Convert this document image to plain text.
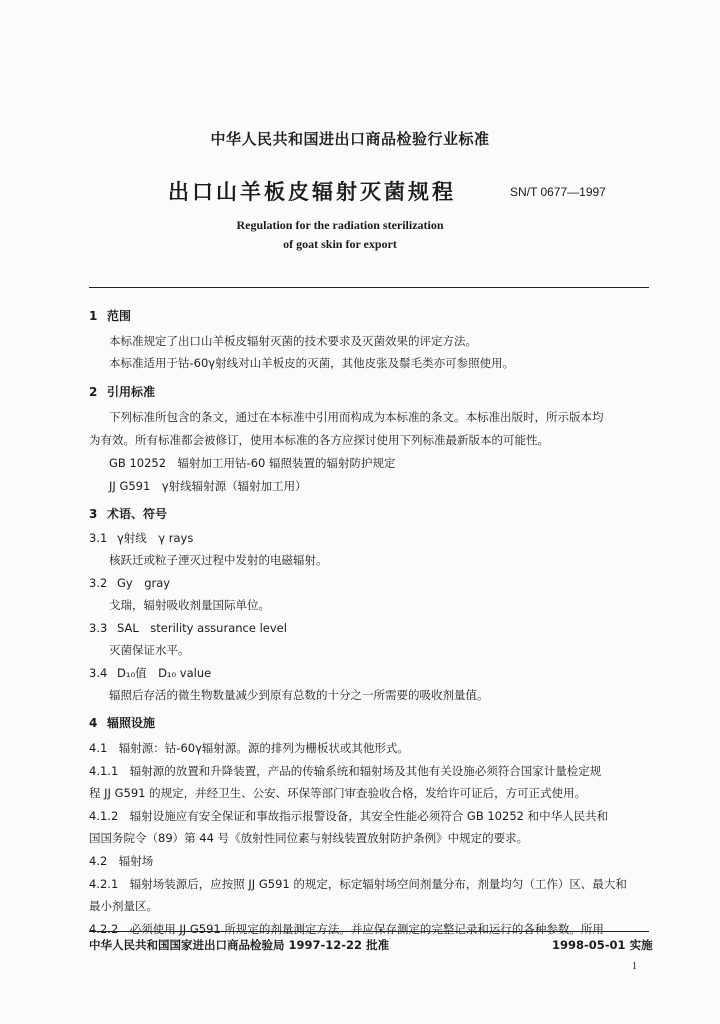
中华人民共和国进出口商品检验行业标准
出口山羊板皮辐射灭菌规程	SN/T 0677—1997
Regulation for the radiation sterilization
of goat skin for export
1 范围
本标准规定了出口山羊板皮辐射灭菌的技术要求及灭菌效果的评定方法。
本标准适用于钴-60γ射线对山羊板皮的灭菌，其他皮张及鬃毛类亦可参照使用。
2 引用标准
下列标准所包含的条文，通过在本标准中引用而构成为本标准的条文。本标准出版时，所示版本均
为有效。所有标准都会被修订，使用本标准的各方应探讨使用下列标准最新版本的可能性。
GB 10252　辐射加工用钴-60 辐照装置的辐射防护规定
JJ G591　γ射线辐射源（辐射加工用）
3 术语、符号
3.1 γ射线　γ rays
核跃迁或粒子湮灭过程中发射的电磁辐射。
3.2 Gy　gray
戈瑞，辐射吸收剂量国际单位。
3.3 SAL　sterility assurance level
灭菌保证水平。
3.4 D₁₀值　D₁₀ value
辐照后存活的微生物数量减少到原有总数的十分之一所需要的吸收剂量值。
4 辐照设施
4.1　辐射源：钴-60γ辐射源。源的排列为栅板状或其他形式。
4.1.1　辐射源的放置和升降装置，产品的传输系统和辐射场及其他有关设施必须符合国家计量检定规
程 JJ G591 的规定，并经卫生、公安、环保等部门审查验收合格，发给许可证后，方可正式使用。
4.1.2　辐射设施应有安全保证和事故指示报警设备，其安全性能必须符合 GB 10252 和中华人民共和
国国务院令（89）第 44 号《放射性同位素与射线装置放射防护条例》中规定的要求。
4.2　辐射场
4.2.1　辐射场装源后，应按照 JJ G591 的规定，标定辐射场空间剂量分布，剂量均匀（工作）区、最大和
最小剂量区。
4.2.2　必须使用 JJ G591 所规定的剂量测定方法。并应保存测定的完整记录和运行的各种参数。所用
中华人民共和国国家进出口商品检验局 1997-12-22 批准	1998-05-01 实施
1
